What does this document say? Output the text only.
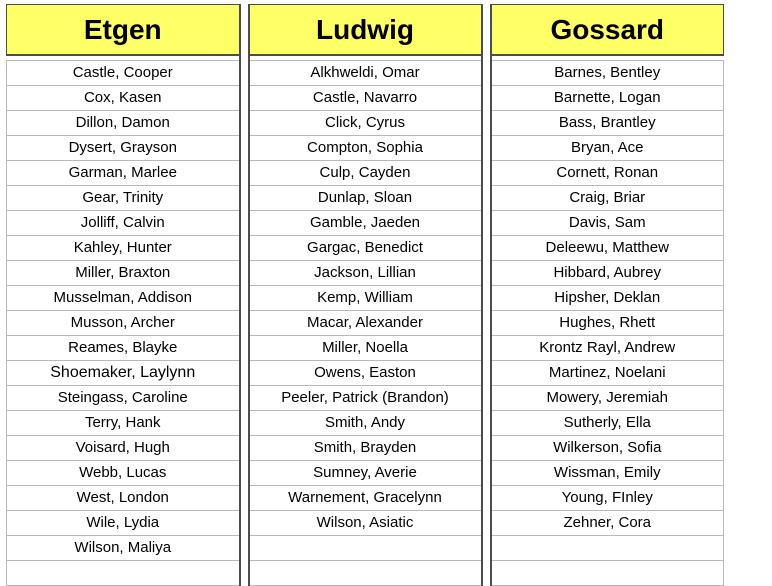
Etgen		Ludwig		Gossard

Castle, Cooper		Alkhweldi, Omar		Barnes, Bentley
Cox, Kasen		Castle, Navarro		Barnette, Logan
Dillon, Damon		Click, Cyrus		Bass, Brantley
Dysert, Grayson		Compton, Sophia		Bryan, Ace
Garman, Marlee		Culp, Cayden		Cornett, Ronan
Gear, Trinity		Dunlap, Sloan		Craig, Briar
Jolliff, Calvin		Gamble, Jaeden		Davis, Sam
Kahley, Hunter		Gargac, Benedict		Deleewu, Matthew
Miller, Braxton		Jackson, Lillian		Hibbard, Aubrey
Musselman, Addison		Kemp, William		Hipsher, Deklan
Musson, Archer		Macar, Alexander		Hughes, Rhett
Reames, Blayke		Miller, Noella		Krontz Rayl, Andrew
Shoemaker, Laylynn		Owens, Easton		Martinez, Noelani
Steingass, Caroline		Peeler, Patrick (Brandon)		Mowery, Jeremiah
Terry, Hank		Smith, Andy		Sutherly, Ella
Voisard, Hugh		Smith, Brayden		Wilkerson, Sofia
Webb, Lucas		Sumney, Averie		Wissman, Emily
West, London		Warnement, Gracelynn		Young, FInley
Wile, Lydia		Wilson, Asiatic		Zehner, Cora
Wilson, Maliya				
